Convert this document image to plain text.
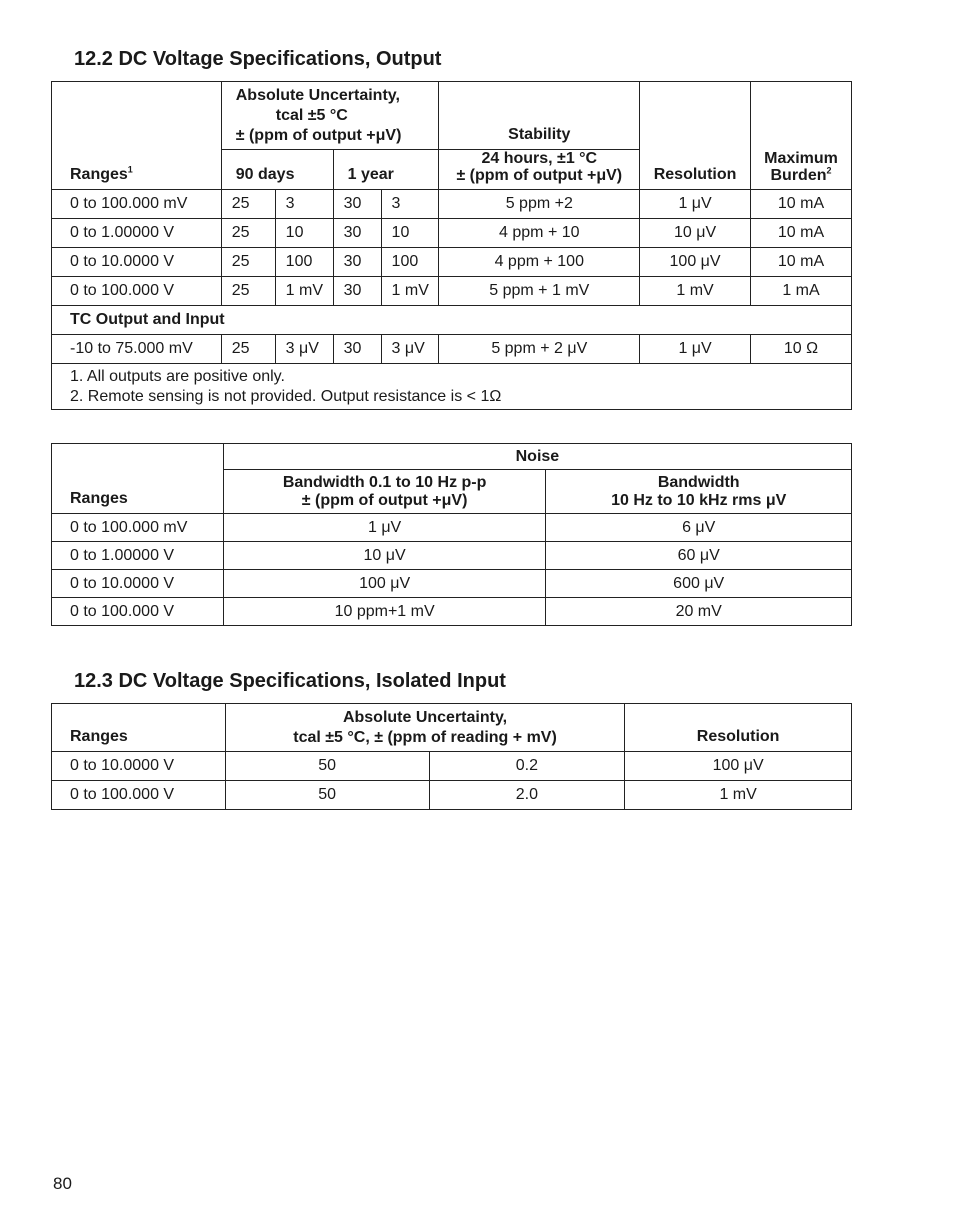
12.2 DC Voltage Specifications, Output
Ranges$^1$	Absolute Uncertainty,
tcal ±5 °C
± (ppm of output +μV)				Stability	Resolution	Maximum
Burden$^2$

	90 days		1 year		24 hours, ±1 °C
± (ppm of output +μV)		

0 to 100.000 mV	25	3	30	3	5 ppm +2	1 μV	10 mA
0 to 1.00000 V	25	10	30	10	4 ppm + 10	10 μV	10 mA
0 to 10.0000 V	25	100	30	100	4 ppm + 100	100 μV	10 mA
0 to 100.000 V	25	1 mV	30	1 mV	5 ppm + 1 mV	1 mV	1 mA
TC Output and Input							
-10 to 75.000 mV	25	3 μV	30	3 μV	5 ppm + 2 μV	1 μV	10 Ω

1. All outputs are positive only.
2. Remote sensing is not provided. Output resistance is < 1Ω							
Ranges	Noise	

	Bandwidth 0.1 to 10 Hz p-p
± (ppm of output +μV)	Bandwidth
10 Hz to 10 kHz rms μV

0 to 100.000 mV	1 μV	6 μV
0 to 1.00000 V	10 μV	60 μV
0 to 10.0000 V	100 μV	600 μV
0 to 100.000 V	10 ppm+1 mV	20 mV
12.3 DC Voltage Specifications, Isolated Input
Ranges	Absolute Uncertainty,
tcal ±5 °C, ± (ppm of reading + mV)		Resolution
0 to 10.0000 V	50	0.2	100 μV
0 to 100.000 V	50	2.0	1 mV
80
